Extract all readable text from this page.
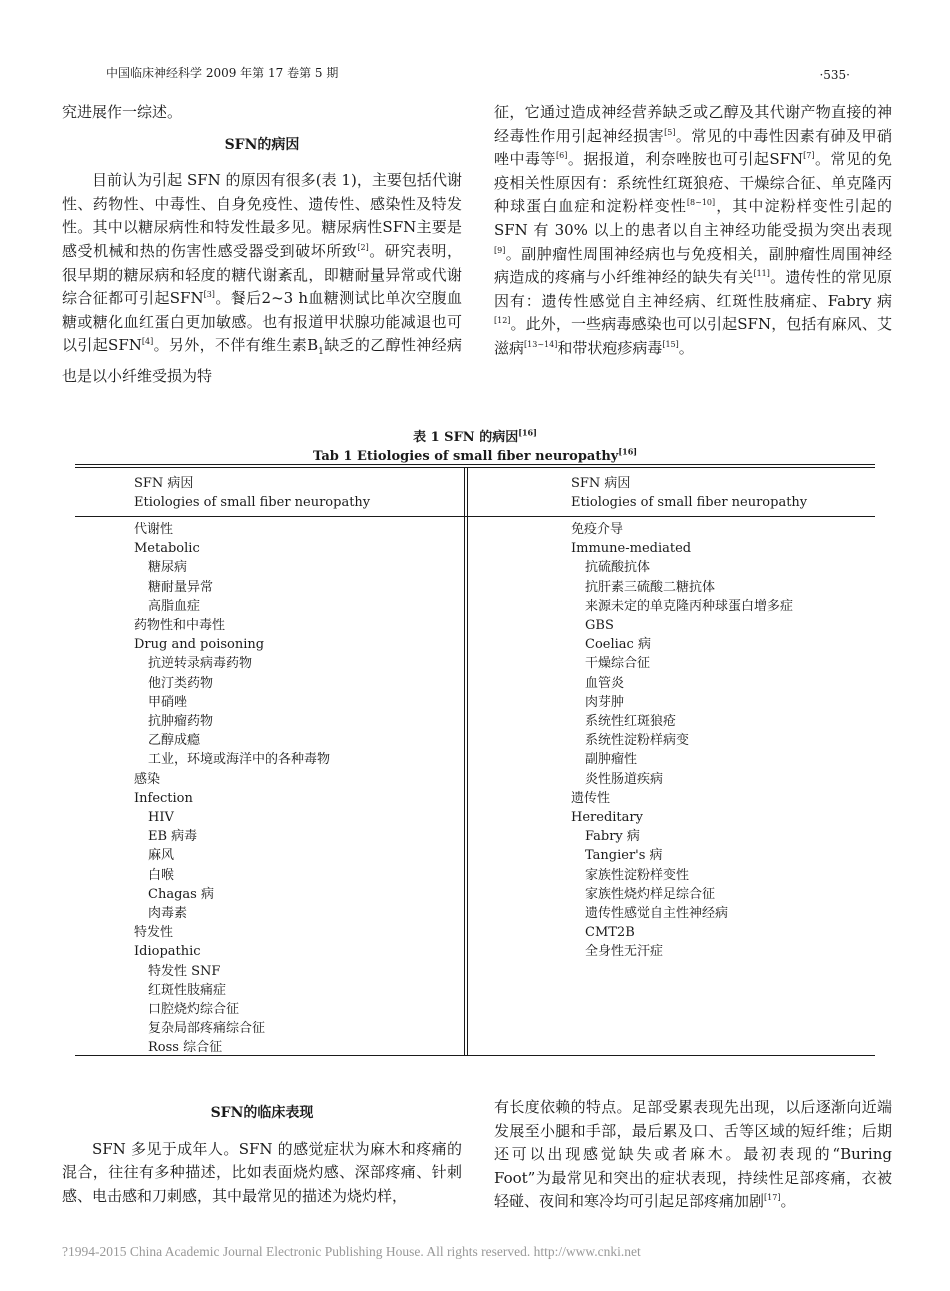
中国临床神经科学 2009 年第 17 卷第 5 期	·535·

究进展作一综述。

SFN的病因

目前认为引起 SFN 的原因有很多(表 1)，主要包括代谢性、药物性、中毒性、自身免疫性、遗传性、感染性及特发性。其中以糖尿病性和特发性最多见。糖尿病性SFN主要是感受机械和热的伤害性感受器受到破坏所致[2]。研究表明，很早期的糖尿病和轻度的糖代谢紊乱，即糖耐量异常或代谢综合征都可引起SFN[3]。餐后2~3 h血糖测试比单次空腹血糖或糖化血红蛋白更加敏感。也有报道甲状腺功能减退也可以引起SFN[4]。另外，不伴有维生素$B_1$缺乏的乙醇性神经病也是以小纤维受损为特

征，它通过造成神经营养缺乏或乙醇及其代谢产物直接的神经毒性作用引起神经损害[5]。常见的中毒性因素有砷及甲硝唑中毒等[6]。据报道，利奈唑胺也可引起SFN[7]。常见的免疫相关性原因有：系统性红斑狼疮、干燥综合征、单克隆丙种球蛋白血症和淀粉样变性[8~10]，其中淀粉样变性引起的 SFN 有 30% 以上的患者以自主神经功能受损为突出表现[9]。副肿瘤性周围神经病也与免疫相关，副肿瘤性周围神经病造成的疼痛与小纤维神经的缺失有关[11]。遗传性的常见原因有：遗传性感觉自主神经病、红斑性肢痛症、Fabry 病[12]。此外，一些病毒感染也可以引起SFN，包括有麻风、艾滋病[13~14]和带状疱疹病毒[15]。

表 1 SFN 的病因[16]
Tab 1 Etiologies of small fiber neuropathy[16]
SFN 病因
Etiologies of small fiber neuropathy
SFN 病因
Etiologies of small fiber neuropathy
代谢性
Metabolic
糖尿病
糖耐量异常
高脂血症
药物性和中毒性
Drug and poisoning
抗逆转录病毒药物
他汀类药物
甲硝唑
抗肿瘤药物
乙醇成瘾
工业，环境或海洋中的各种毒物
感染
Infection
HIV
EB 病毒
麻风
白喉
Chagas 病
肉毒素
特发性
Idiopathic
特发性 SNF
红斑性肢痛症
口腔烧灼综合征
复杂局部疼痛综合征
Ross 综合征
免疫介导
Immune-mediated
抗硫酸抗体
抗肝素三硫酸二糖抗体
来源未定的单克隆丙种球蛋白增多症
GBS
Coeliac 病
干燥综合征
血管炎
肉芽肿
系统性红斑狼疮
系统性淀粉样病变
副肿瘤性
炎性肠道疾病
遗传性
Hereditary
Fabry 病
Tangier's 病
家族性淀粉样变性
家族性烧灼样足综合征
遗传性感觉自主性神经病
CMT2B
全身性无汗症

SFN的临床表现

SFN 多见于成年人。SFN 的感觉症状为麻木和疼痛的混合，往往有多种描述，比如表面烧灼感、深部疼痛、针刺感、电击感和刀刺感，其中最常见的描述为烧灼样，

有长度依赖的特点。足部受累表现先出现，以后逐渐向近端发展至小腿和手部，最后累及口、舌等区域的短纤维；后期还可以出现感觉缺失或者麻木。最初表现的“Buring Foot”为最常见和突出的症状表现，持续性足部疼痛，衣被轻碰、夜间和寒冷均可引起足部疼痛加剧[17]。

?1994-2015 China Academic Journal Electronic Publishing House. All rights reserved. http://www.cnki.net
